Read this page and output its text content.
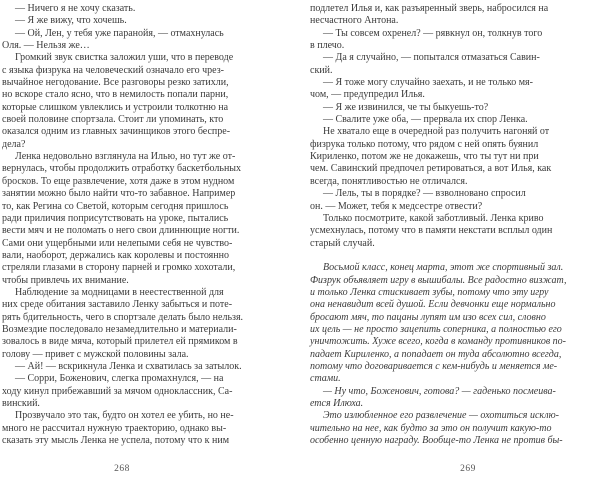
— Ничего я не хочу сказать.
— Я же вижу, что хочешь.
— Ой, Лен, у тебя уже паранойя, — отмахнулась
Оля. — Нельзя же…
Громкий звук свистка заложил уши, что в переводе
с языка физрука на человеческий означало его чрез-
вычайное негодование. Все разговоры резко затихли,
но вскоре стало ясно, что в немилость попали парни,
которые слишком увлеклись и устроили толкотню на
своей половине спортзала. Стоит ли упоминать, кто
оказался одним из главных зачинщиков этого беспре-
дела?
Ленка недовольно взглянула на Илью, но тут же от-
вернулась, чтобы продолжить отработку баскетбольных
бросков. То еще развлечение, хотя даже в этом нудном
занятии можно было найти что-то забавное. Например
то, как Регина со Светой, которым сегодня пришлось
ради приличия поприсутствовать на уроке, пытались
вести мяч и не поломать о него свои длиннющие ногти.
Сами они ущербными или нелепыми себя не чувство-
вали, наоборот, держались как королевы и постоянно
стреляли глазами в сторону парней и громко хохотали,
чтобы привлечь их внимание.
Наблюдение за модницами в неестественной для
них среде обитания заставило Ленку забыться и поте-
рять бдительность, чего в спортзале делать было нельзя.
Возмездие последовало незамедлительно и материали-
зовалось в виде мяча, который прилетел ей прямиком в
голову — привет с мужской половины зала.
— Ай! — вскрикнула Ленка и схватилась за затылок.
— Сорри, Боженович, слегка промахнулся, — на
ходу кинул прибежавший за мячом одноклассник, Са-
винский.
Прозвучало это так, будто он хотел ее убить, но не-
много не рассчитал нужную траекторию, однако вы-
сказать эту мысль Ленка не успела, потому что к ним
подлетел Илья и, как разъяренный зверь, набросился на
несчастного Антона.
— Ты совсем охренел? — рявкнул он, толкнув того
в плечо.
— Да я случайно, — попытался отмазаться Савин-
ский.
— Я тоже могу случайно заехать, и не только мя-
чом, — предупредил Илья.
— Я же извинился, че ты быкуешь-то?
— Свалите уже оба, — прервала их спор Ленка.
Не хватало еще в очередной раз получить нагоняй от
физрука только потому, что рядом с ней опять буянил
Кириленко, потом же не докажешь, что ты тут ни при
чем. Савинский предпочел ретироваться, а вот Илья, как
всегда, понятливостью не отличался.
— Лель, ты в порядке? — взволновано спросил
он. — Может, тебя к медсестре отвести?
Только посмотрите, какой заботливый. Ленка криво
усмехнулась, потому что в памяти некстати всплыл один
старый случай.
Восьмой класс, конец марта, этот же спортивный зал.
Физрук объявляет игру в вышибалы. Все радостно визжат,
и только Ленка стискивает зубы, потому что эту игру
она ненавидит всей душой. Если девчонки еще нормально
бросают мяч, то пацаны лупят им изо всех сил, словно
их цель — не просто зацепить соперника, а полностью его
уничтожить. Хуже всего, когда в команду противников по-
падает Кириленко, а попадает он туда абсолютно всегда,
потому что договаривается с кем-нибудь и меняется ме-
стами.
— Ну что, Боженович, готова? — гаденько посмеива-
ется Илюха.
Это излюбленное его развлечение — охотиться исклю-
чительно на нее, как будто за это он получит какую-то
особенно ценную награду. Вообще-то Ленка не против бы-
268	269
